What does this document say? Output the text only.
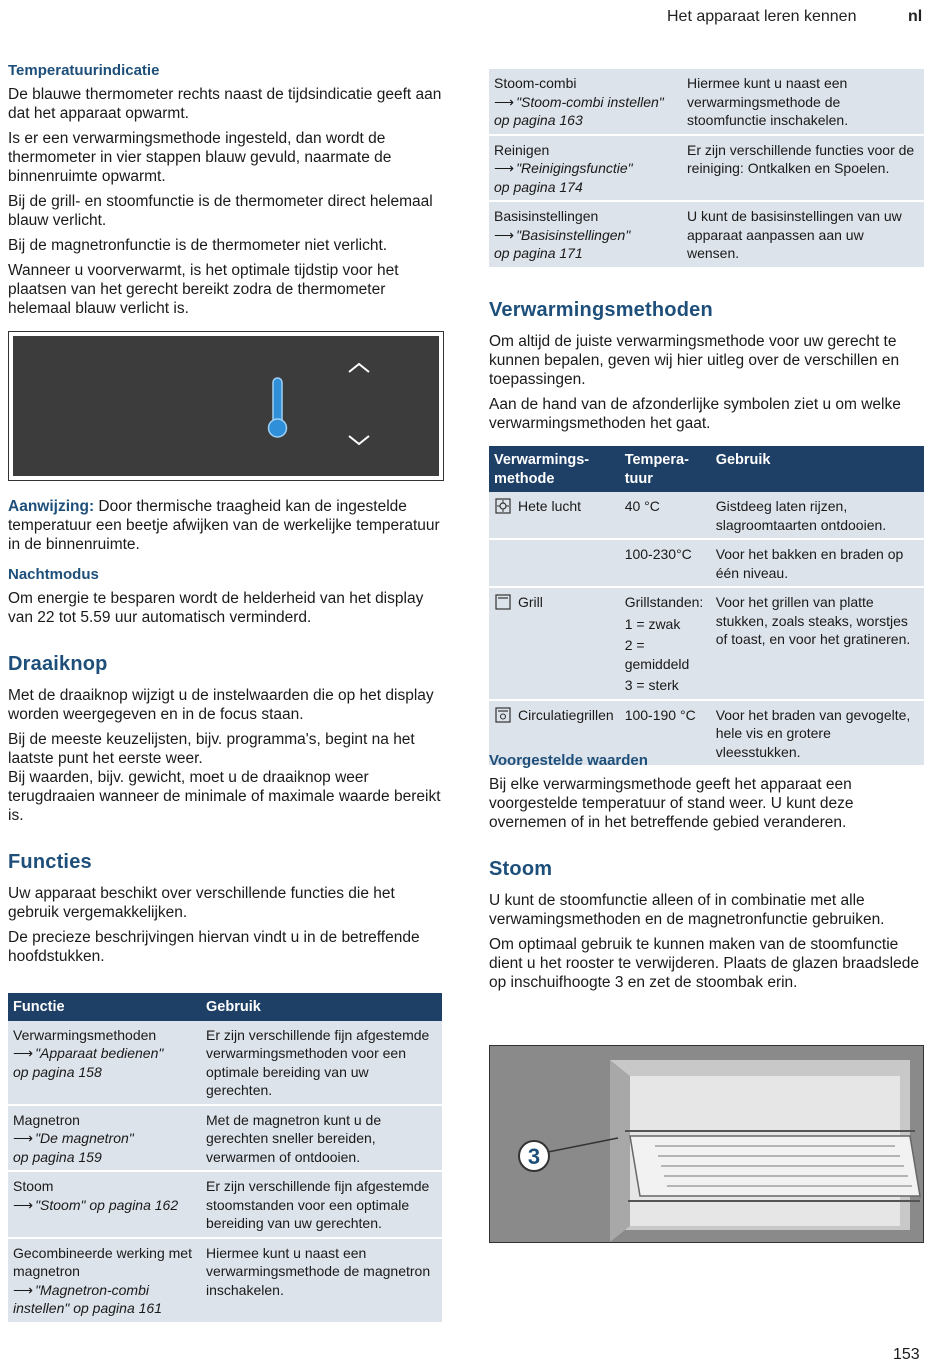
Het apparaat leren kennen	nl
Temperatuurindicatie

De blauwe thermometer rechts naast de tijdsindicatie geeft aan dat het apparaat opwarmt.

Is er een verwarmingsmethode ingesteld, dan wordt de thermometer in vier stappen blauw gevuld, naarmate de binnenruimte opwarmt.

Bij de grill- en stoomfunctie is de thermometer direct helemaal blauw verlicht.

Bij de magnetronfunctie is de thermometer niet verlicht.

Wanneer u voorverwarmt, is het optimale tijdstip voor het plaatsen van het gerecht bereikt zodra de thermometer helemaal blauw verlicht is.

Aanwijzing: Door thermische traagheid kan de ingestelde temperatuur een beetje afwijken van de werkelijke temperatuur in de binnenruimte.

Nachtmodus

Om energie te besparen wordt de helderheid van het display van 22 tot 5.59 uur automatisch verminderd.

Draaiknop

Met de draaiknop wijzigt u de instelwaarden die op het display worden weergegeven en in de focus staan.

Bij de meeste keuzelijsten, bijv. programma's, begint na het laatste punt het eerste weer.

Bij waarden, bijv. gewicht, moet u de draaiknop weer terugdraaien wanneer de minimale of maximale waarde bereikt is.

Functies

Uw apparaat beschikt over verschillende functies die het gebruik vergemakkelijken.

De precieze beschrijvingen hiervan vindt u in de betreffende hoofdstukken.

Functie	Gebruik

Verwarmingsmethoden
⟶ "Apparaat bedienen"
op pagina 158	Er zijn verschillende fijn afgestemde verwarmingsmethoden voor een optimale bereiding van uw gerechten.

Magnetron
⟶ "De magnetron"
op pagina 159	Met de magnetron kunt u de gerechten sneller bereiden, verwarmen of ontdooien.

Stoom
⟶ "Stoom" op pagina 162	Er zijn verschillende fijn afgestemde stoomstanden voor een optimale bereiding van uw gerechten.

Gecombineerde werking met magnetron
⟶ "Magnetron-combi instellen" op pagina 161	Hiermee kunt u naast een verwarmingsmethode de magnetron inschakelen.
Stoom-combi
⟶ "Stoom-combi instellen"
op pagina 163	Hiermee kunt u naast een verwarmingsmethode de stoomfunctie inschakelen.

Reinigen
⟶ "Reinigingsfunctie"
op pagina 174	Er zijn verschillende functies voor de reiniging: Ontkalken en Spoelen.

Basisinstellingen
⟶ "Basisinstellingen"
op pagina 171	U kunt de basisinstellingen van uw apparaat aanpassen aan uw wensen.
Verwarmingsmethoden

Om altijd de juiste verwarmingsmethode voor uw gerecht te kunnen bepalen, geven wij hier uitleg over de verschillen en toepassingen.

Aan de hand van de afzonderlijke symbolen ziet u om welke verwarmingsmethoden het gaat.

Verwarmings-methode	Tempera-tuur	Gebruik

Hete lucht	40 °C	Gistdeeg laten rijzen, slagroomtaarten ontdooien.
	100-230°C	Voor het bakken en braden op één niveau.

Grill	Grillstanden:
1 = zwak
2 = gemiddeld
3 = sterk	Voor het grillen van platte stukken, zoals steaks, worstjes of toast, en voor het gratineren.

Circulatiegrillen	100-190 °C	Voor het braden van gevogelte, hele vis en grotere vleesstukken.
Voorgestelde waarden

Bij elke verwarmingsmethode geeft het apparaat een voorgestelde temperatuur of stand weer. U kunt deze overnemen of in het betreffende gebied veranderen.

Stoom

U kunt de stoomfunctie alleen of in combinatie met alle verwamingsmethoden en de magnetronfunctie gebruiken.

Om optimaal gebruik te kunnen maken van de stoomfunctie dient u het rooster te verwijderen. Plaats de glazen braadslede op inschuifhoogte 3 en zet de stoombak erin.

3
153
